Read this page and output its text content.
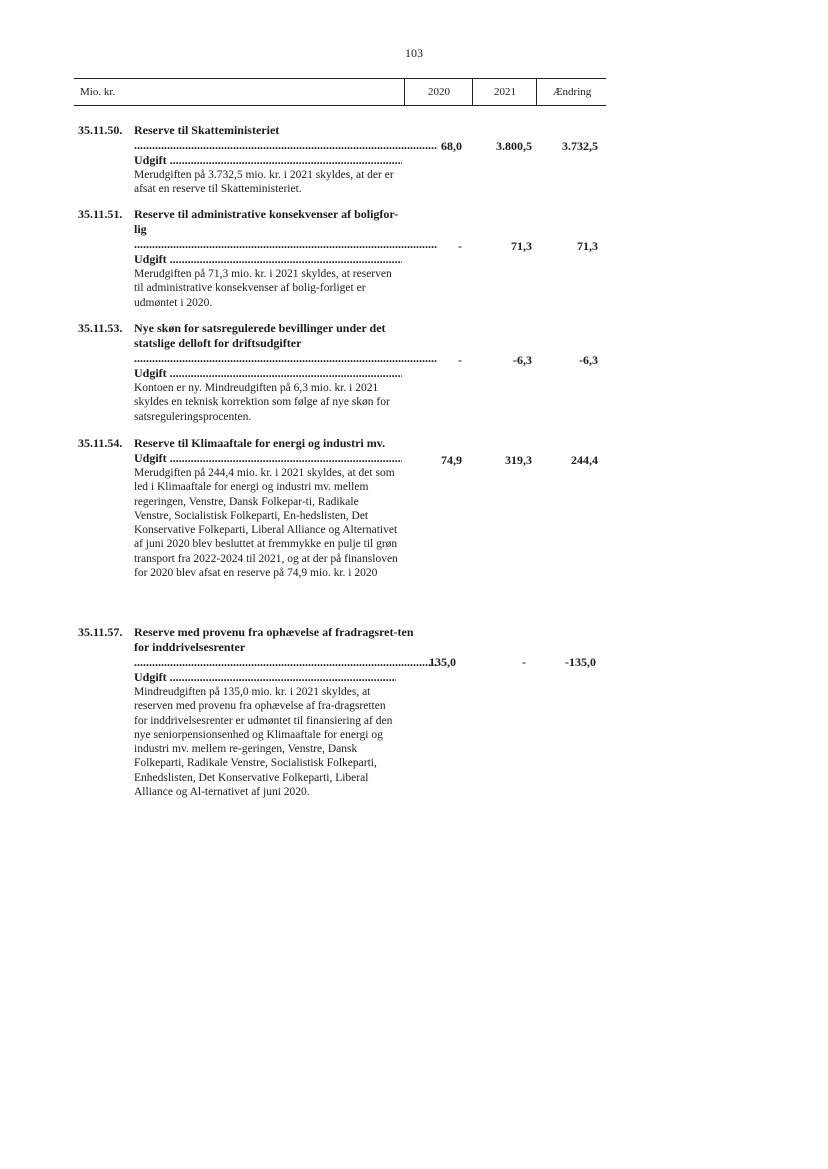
103
Mio. kr.	2020	2021	Ændring
35.11.50. Reserve til Skatteministeriet .....
Udgift .....
Merudgiften på 3.732,5 mio. kr. i 2021 skyldes, at der er afsat en reserve til Skatteministeriet.
68,0	3.800,5	3.732,5
35.11.51. Reserve til administrative konsekvenser af boligfor-lig .....
Udgift .....
Merudgiften på 71,3 mio. kr. i 2021 skyldes, at reserven til administrative konsekvenser af bolig-forliget er udmøntet i 2020.
-	71,3	71,3
35.11.53. Nye skøn for satsregulerede bevillinger under det statslige delloft for driftsudgifter .....
Udgift .....
Kontoen er ny. Mindreudgiften på 6,3 mio. kr. i 2021 skyldes en teknisk korrektion som følge af nye skøn for satsreguleringsprocenten.
-	-6,3	-6,3
35.11.54. Reserve til Klimaaftale for energi og industri mv.
Udgift .....
Merudgiften på 244,4 mio. kr. i 2021 skyldes, at det som led i Klimaaftale for energi og industri mv. mellem regeringen, Venstre, Dansk Folkepar-ti, Radikale Venstre, Socialistisk Folkeparti, En-hedslisten, Det Konservative Folkeparti, Liberal Alliance og Alternativet af juni 2020 blev besluttet at fremmykke en pulje til grøn transport fra 2022-2024 til 2021, og at der på finansloven for 2020 blev afsat en reserve på 74,9 mio. kr. i 2020
74,9	319,3	244,4
35.11.57. Reserve med provenu fra ophævelse af fradragsret-ten for inddrivelsesrenter .....
Udgift .....
Mindreudgiften på 135,0 mio. kr. i 2021 skyldes, at reserven med provenu fra ophævelse af fra-dragsretten for inddrivelsesrenter er udmøntet til finansiering af den nye seniorpensionsenhed og Klimaaftale for energi og industri mv. mellem re-geringen, Venstre, Dansk Folkeparti, Radikale Venstre, Socialistisk Folkeparti, Enhedslisten, Det Konservative Folkeparti, Liberal Alliance og Al-ternativet af juni 2020.
135,0	-	-135,0
